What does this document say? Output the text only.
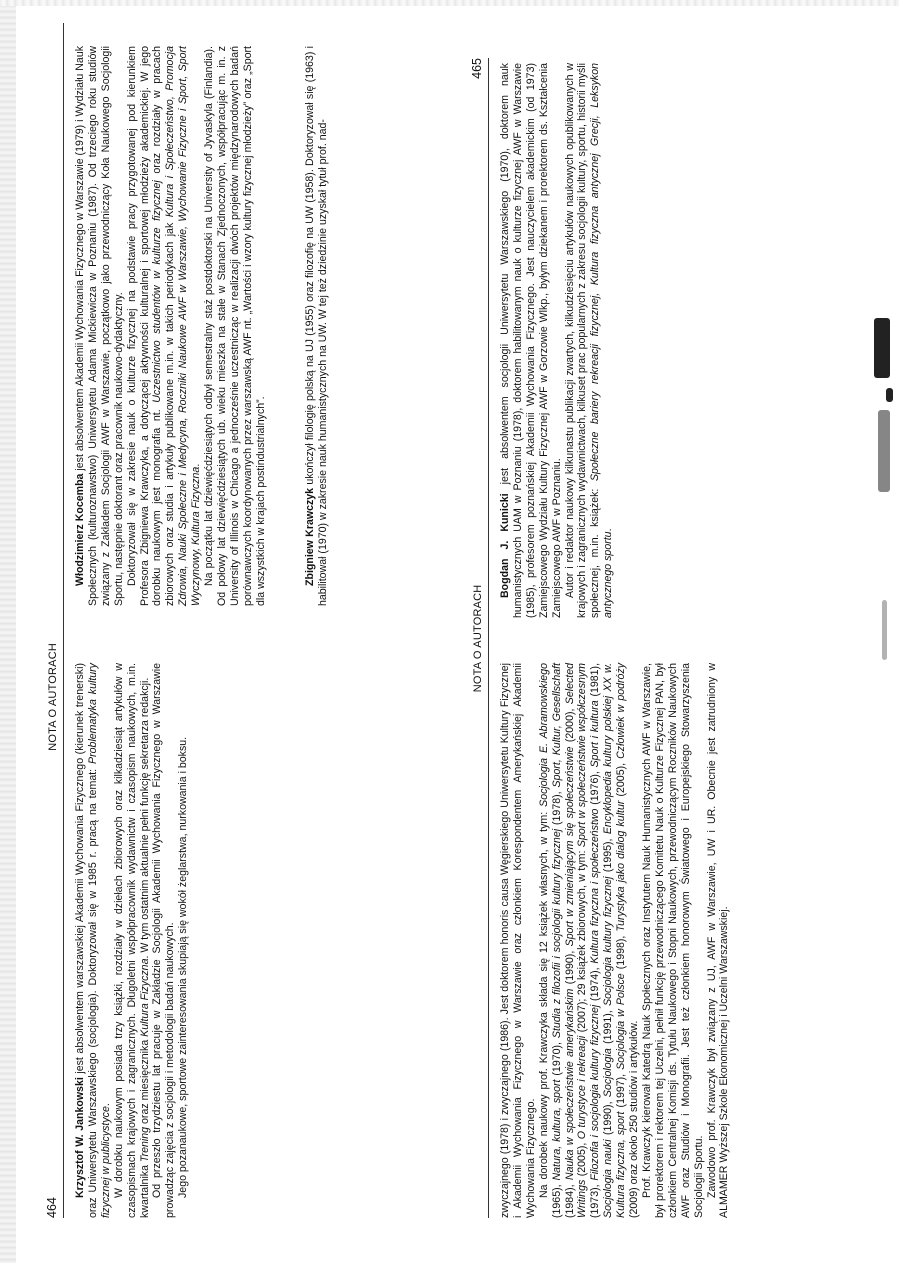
464
NOTA O AUTORACH

Krzysztof W. Jankowski jest absolwentem warszawskiej Akademii Wychowania Fizycznego (kierunek trenerski) oraz Uniwersytetu Warszawskiego (socjologia). Doktoryzował się w 1985 r. pracą na temat: Problematyka kultury fizycznej w publicystyce. W dorobku naukowym posiada trzy książki, rozdziały w dziełach zbiorowych oraz kilkadziesiąt artykułów w czasopismach krajowych i zagranicznych. Długoletni współpracownik wydawnictw i czasopism naukowych, m.in. kwartalnika Trening oraz miesięcznika Kultura Fizyczna. W tym ostatnim aktualnie pełni funkcję sekretarza redakcji. Od przeszło trzydziestu lat pracuje w Zakładzie Socjologii Akademii Wychowania Fizycznego w Warszawie prowadząc zajęcia z socjologii i metodologii badań naukowych. Jego pozanaukowe, sportowe zainteresowania skupiają się wokół żeglarstwa, nurkowania i boksu.

Włodzimierz Kocemba jest absolwentem Akademii Wychowania Fizycznego w Warszawie (1979) i Wydziału Nauk Społecznych (kulturoznawstwo) Uniwersytetu Adama Mickiewicza w Poznaniu (1987). Od trzeciego roku studiów związany z Zakładem Socjologii AWF w Warszawie, początkowo jako przewodniczący Koła Naukowego Socjologii Sportu, następnie doktorant oraz pracownik naukowo-dydaktyczny. Doktoryzował się w zakresie nauk o kulturze fizycznej na podstawie pracy przygotowanej pod kierunkiem Profesora Zbigniewa Krawczyka, a dotyczącej aktywności kulturalnej i sportowej młodzieży akademickiej. W jego dorobku naukowym jest monografia nt. Uczestnictwo studentów w kulturze fizycznej oraz rozdziały w pracach zbiorowych oraz studia i artykuły publikowane m.in. w takich periodykach jak Kultura i Społeczeństwo, Promocja Zdrowia, Nauki Społeczne i Medycyna, Roczniki Naukowe AWF w Warszawie, Wychowanie Fizyczne i Sport, Sport Wyczynowy, Kultura Fizyczna. Na początku lat dziewięćdziesiątych odbył semestralny staż postdoktorski na University of Jyvaskyla (Finlandia). Od połowy lat dziewięćdziesiątych ub. wieku mieszka na stałe w Stanach Zjednoczonych, współpracując m. in. z University of Illinois w Chicago a jednocześnie uczestnicząc w realizacji dwóch projektów międzynarodowych badań porównawczych koordynowanych przez warszawską AWF nt. „Wartości i wzory kultury fizycznej młodzieży” oraz „Sport dla wszystkich w krajach postindustrialnych”.	Zbigniew Krawczyk ukończył filologię polską na UJ (1955) oraz filozofię na UW (1958). Doktoryzował się (1963) i habilitował (1970) w zakresie nauk humanistycznych na UW. W tej też dziedzinie uzyskał tytuł prof. nad-

NOTA O AUTORACH
465

zwyczajnego (1978) i zwyczajnego (1986). Jest doktorem honoris causa Węgierskiego Uniwersytetu Kultury Fizycznej i Akademii Wychowania Fizycznego w Warszawie oraz członkiem Korespondentem Amerykańskiej Akademii Wychowania Fizycznego. Na dorobek naukowy prof. Krawczyka składa się 12 książek własnych, w tym: Socjologia E. Abramowskiego (1965), Natura, kultura, sport (1970), Studia z filozofii i socjologii kultury fizycznej (1978), Sport, Kultur, Gesellschaft (1984), Nauka w społeczeństwie amerykańskim (1990), Sport w zmieniającym się społeczeństwie (2000), Selected Writings (2005), O turystyce i rekreacji (2007); 29 książek zbiorowych, w tym: Sport w społeczeństwie współczesnym (1973), Filozofia i socjologia kultury fizycznej (1974), Kultura fizyczna i społeczeństwo (1976), Sport i kultura (1981), Socjologia nauki (1990), Socjologia (1991), Socjologia kultury fizycznej (1995), Encyklopedia kultury polskiej XX w. Kultura fizyczna, sport (1997), Socjologia w Polsce (1998), Turystyka jako dialog kultur (2005), Człowiek w podróży (2009) oraz około 250 studiów i artykułów. Prof. Krawczyk kierował Katedrą Nauk Społecznych oraz Instytutem Nauk Humanistycznych AWF w Warszawie, był prorektorem i rektorem tej Uczelni, pełnił funkcję przewodniczącego Komitetu Nauk o Kulturze Fizycznej PAN, był członkiem Centralnej Komisji ds. Tytułu Naukowego i Stopni Naukowych, przewodniczącym Roczników Naukowych AWF oraz Studiów i Monografii. Jest też członkiem honorowym Światowego i Europejskiego Stowarzyszenia Socjologii Sportu. Zawodowo prof. Krawczyk był związany z UJ, AWF w Warszawie, UW i UR. Obecnie jest zatrudniony w ALMAMER Wyższej Szkole Ekonomicznej i Uczelni Warszawskiej.

Bogdan J. Kunicki jest absolwentem socjologii Uniwersytetu Warszawskiego (1970), doktorem nauk humanistycznych UAM w Poznaniu (1978), doktorem habilitowanym nauk o kulturze fizycznej AWF w Warszawie (1985), profesorem poznańskiej Akademii Wychowania Fizycznego. Jest nauczycielem akademickim (od 1973) Zamiejscowego Wydziału Kultury Fizycznej AWF w Gorzowie Wlkp., byłym dziekanem i prorektorem ds. Kształcenia Zamiejscowego AWF w Poznaniu. Autor i redaktor naukowy kilkunastu publikacji zwartych, kilkudziesięciu artykułów naukowych opublikowanych w krajowych i zagranicznych wydawnictwach, kilkuset prac popularnych z zakresu socjologii kultury, sportu, historii myśli społecznej, m.in. książek: Społeczne bariery rekreacji fizycznej, Kultura fizyczna antycznej Grecji, Leksykon antycznego sportu.
